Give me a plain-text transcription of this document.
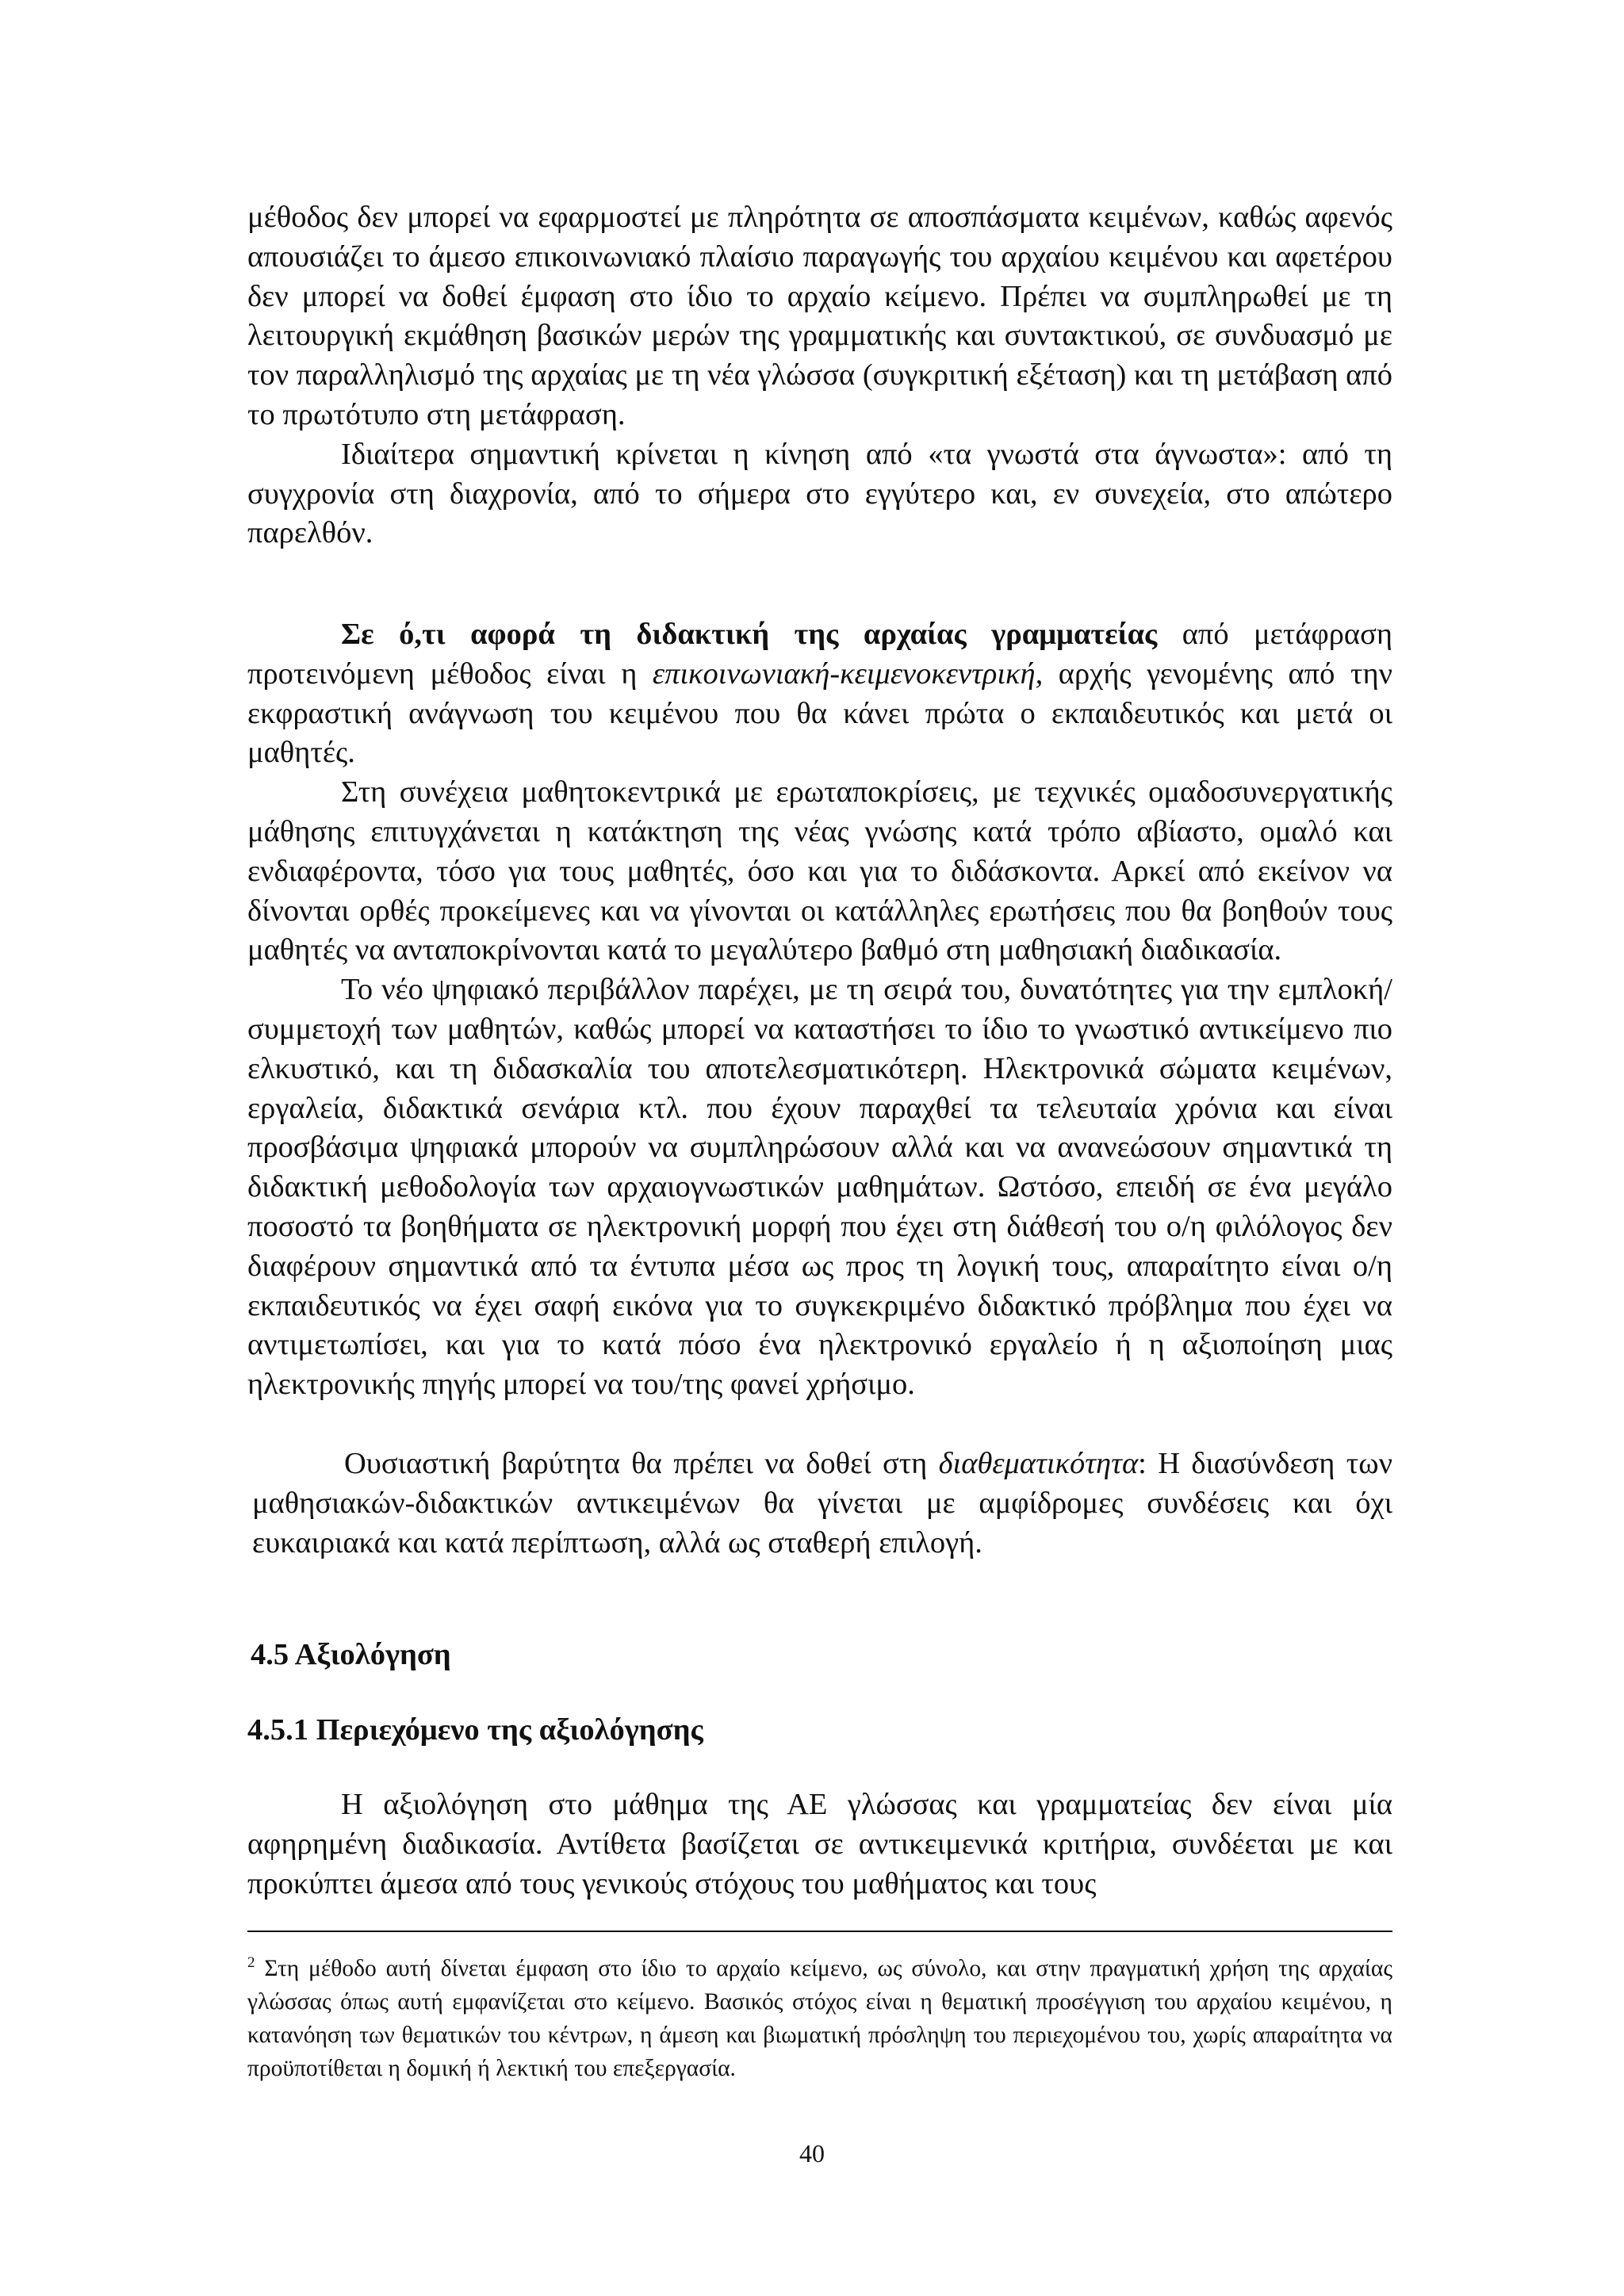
μέθοδος δεν μπορεί να εφαρμοστεί με πληρότητα σε αποσπάσματα κειμένων, καθώς αφενός απουσιάζει το άμεσο επικοινωνιακό πλαίσιο παραγωγής του αρχαίου κειμένου και αφετέρου δεν μπορεί να δοθεί έμφαση στο ίδιο το αρχαίο κείμενο. Πρέπει να συμπληρωθεί με τη λειτουργική εκμάθηση βασικών μερών της γραμματικής και συντακτικού, σε συνδυασμό με τον παραλληλισμό της αρχαίας με τη νέα γλώσσα (συγκριτική εξέταση) και τη μετάβαση από το πρωτότυπο στη μετάφραση.

Ιδιαίτερα σημαντική κρίνεται η κίνηση από «τα γνωστά στα άγνωστα»: από τη συγχρονία στη διαχρονία, από το σήμερα στο εγγύτερο και, εν συνεχεία, στο απώτερο παρελθόν.

Σε ό,τι αφορά τη διδακτική της αρχαίας γραμματείας από μετάφραση προτεινόμενη μέθοδος είναι η επικοινωνιακή-κειμενοκεντρική, αρχής γενομένης από την εκφραστική ανάγνωση του κειμένου που θα κάνει πρώτα ο εκπαιδευτικός και μετά οι μαθητές.

Στη συνέχεια μαθητοκεντρικά με ερωταποκρίσεις, με τεχνικές ομαδοσυνεργατικής μάθησης επιτυγχάνεται η κατάκτηση της νέας γνώσης κατά τρόπο αβίαστο, ομαλό και ενδιαφέροντα, τόσο για τους μαθητές, όσο και για το διδάσκοντα. Αρκεί από εκείνον να δίνονται ορθές προκείμενες και να γίνονται οι κατάλληλες ερωτήσεις που θα βοηθούν τους μαθητές να ανταποκρίνονται κατά το μεγαλύτερο βαθμό στη μαθησιακή διαδικασία.

Το νέο ψηφιακό περιβάλλον παρέχει, με τη σειρά του, δυνατότητες για την εμπλοκή/συμμετοχή των μαθητών, καθώς μπορεί να καταστήσει το ίδιο το γνωστικό αντικείμενο πιο ελκυστικό, και τη διδασκαλία του αποτελεσματικότερη. Ηλεκτρονικά σώματα κειμένων, εργαλεία, διδακτικά σενάρια κτλ. που έχουν παραχθεί τα τελευταία χρόνια και είναι προσβάσιμα ψηφιακά μπορούν να συμπληρώσουν αλλά και να ανανεώσουν σημαντικά τη διδακτική μεθοδολογία των αρχαιογνωστικών μαθημάτων. Ωστόσο, επειδή σε ένα μεγάλο ποσοστό τα βοηθήματα σε ηλεκτρονική μορφή που έχει στη διάθεσή του ο/η φιλόλογος δεν διαφέρουν σημαντικά από τα έντυπα μέσα ως προς τη λογική τους, απαραίτητο είναι ο/η εκπαιδευτικός να έχει σαφή εικόνα για το συγκεκριμένο διδακτικό πρόβλημα που έχει να αντιμετωπίσει, και για το κατά πόσο ένα ηλεκτρονικό εργαλείο ή η αξιοποίηση μιας ηλεκτρονικής πηγής μπορεί να του/της φανεί χρήσιμο.

Ουσιαστική βαρύτητα θα πρέπει να δοθεί στη διαθεματικότητα: Η διασύνδεση των μαθησιακών-διδακτικών αντικειμένων θα γίνεται με αμφίδρομες συνδέσεις και όχι ευκαιριακά και κατά περίπτωση, αλλά ως σταθερή επιλογή.

4.5 Αξιολόγηση

4.5.1 Περιεχόμενο της αξιολόγησης

Η αξιολόγηση στο μάθημα της ΑΕ γλώσσας και γραμματείας δεν είναι μία αφηρημένη διαδικασία. Αντίθετα βασίζεται σε αντικειμενικά κριτήρια, συνδέεται με και προκύπτει άμεσα από τους γενικούς στόχους του μαθήματος και τους

$^2$ Στη μέθοδο αυτή δίνεται έμφαση στο ίδιο το αρχαίο κείμενο, ως σύνολο, και στην πραγματική χρήση της αρχαίας γλώσσας όπως αυτή εμφανίζεται στο κείμενο. Βασικός στόχος είναι η θεματική προσέγγιση του αρχαίου κειμένου, η κατανόηση των θεματικών του κέντρων, η άμεση και βιωματική πρόσληψη του περιεχομένου του, χωρίς απαραίτητα να προϋποτίθεται η δομική ή λεκτική του επεξεργασία.

40
